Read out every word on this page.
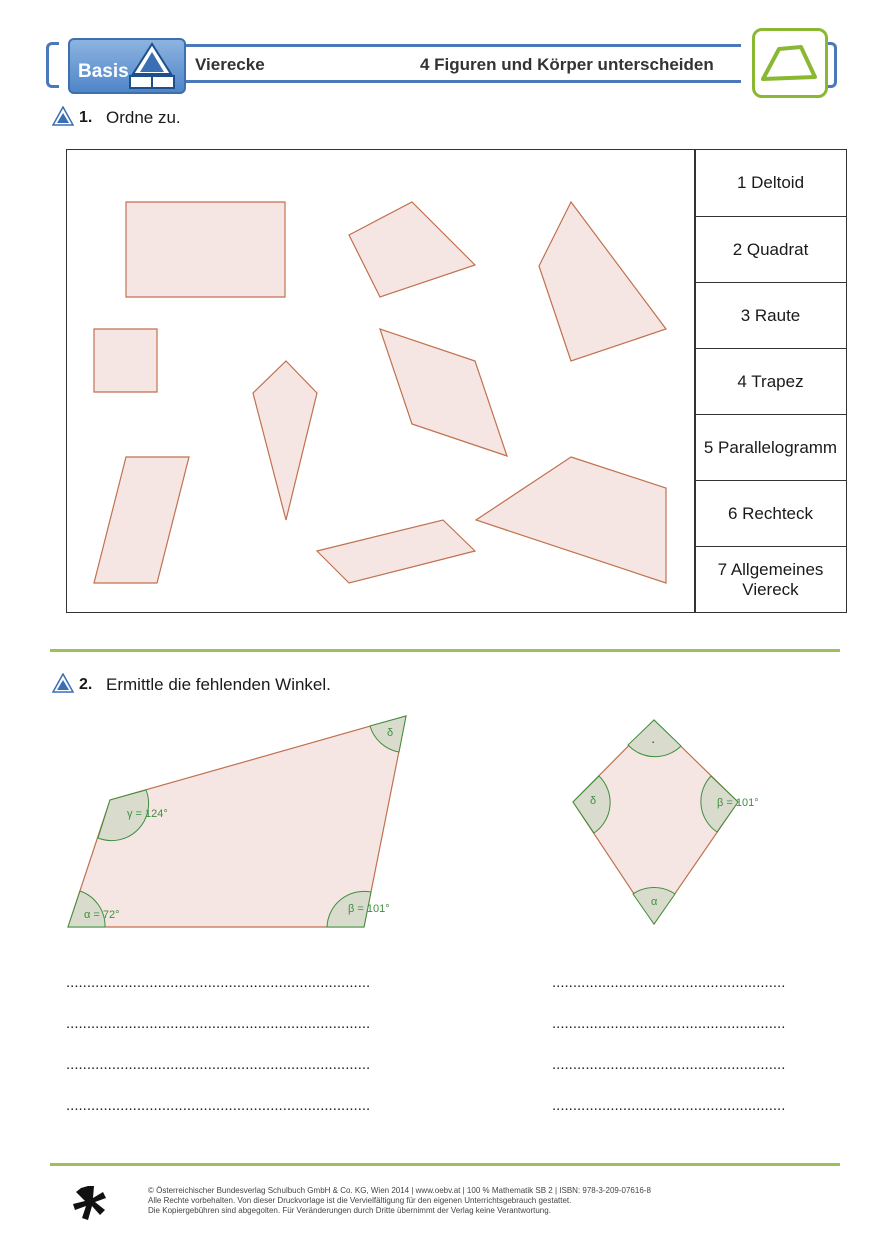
Basis	Vierecke	4 Figuren und Körper unterscheiden
1. Ordne zu.
1 Deltoid
2 Quadrat
3 Raute
4 Trapez
5 Parallelogramm
6 Rechteck
7 Allgemeines Viereck
2. Ermittle die fehlenden Winkel.
α = 72°	β = 101°
γ = 124°
δ
·
β = 101°
δ
α
.........................................................................
.........................................................................
.........................................................................
.........................................................................
........................................................
........................................................
........................................................
........................................................
© Österreichischer Bundesverlag Schulbuch GmbH & Co. KG, Wien 2014 | www.oebv.at | 100 % Mathematik SB 2 | ISBN: 978-3-209-07616-8
Alle Rechte vorbehalten. Von dieser Druckvorlage ist die Vervielfältigung für den eigenen Unterrichtsgebrauch gestattet.
Die Kopiergebühren sind abgegolten. Für Veränderungen durch Dritte übernimmt der Verlag keine Verantwortung.
